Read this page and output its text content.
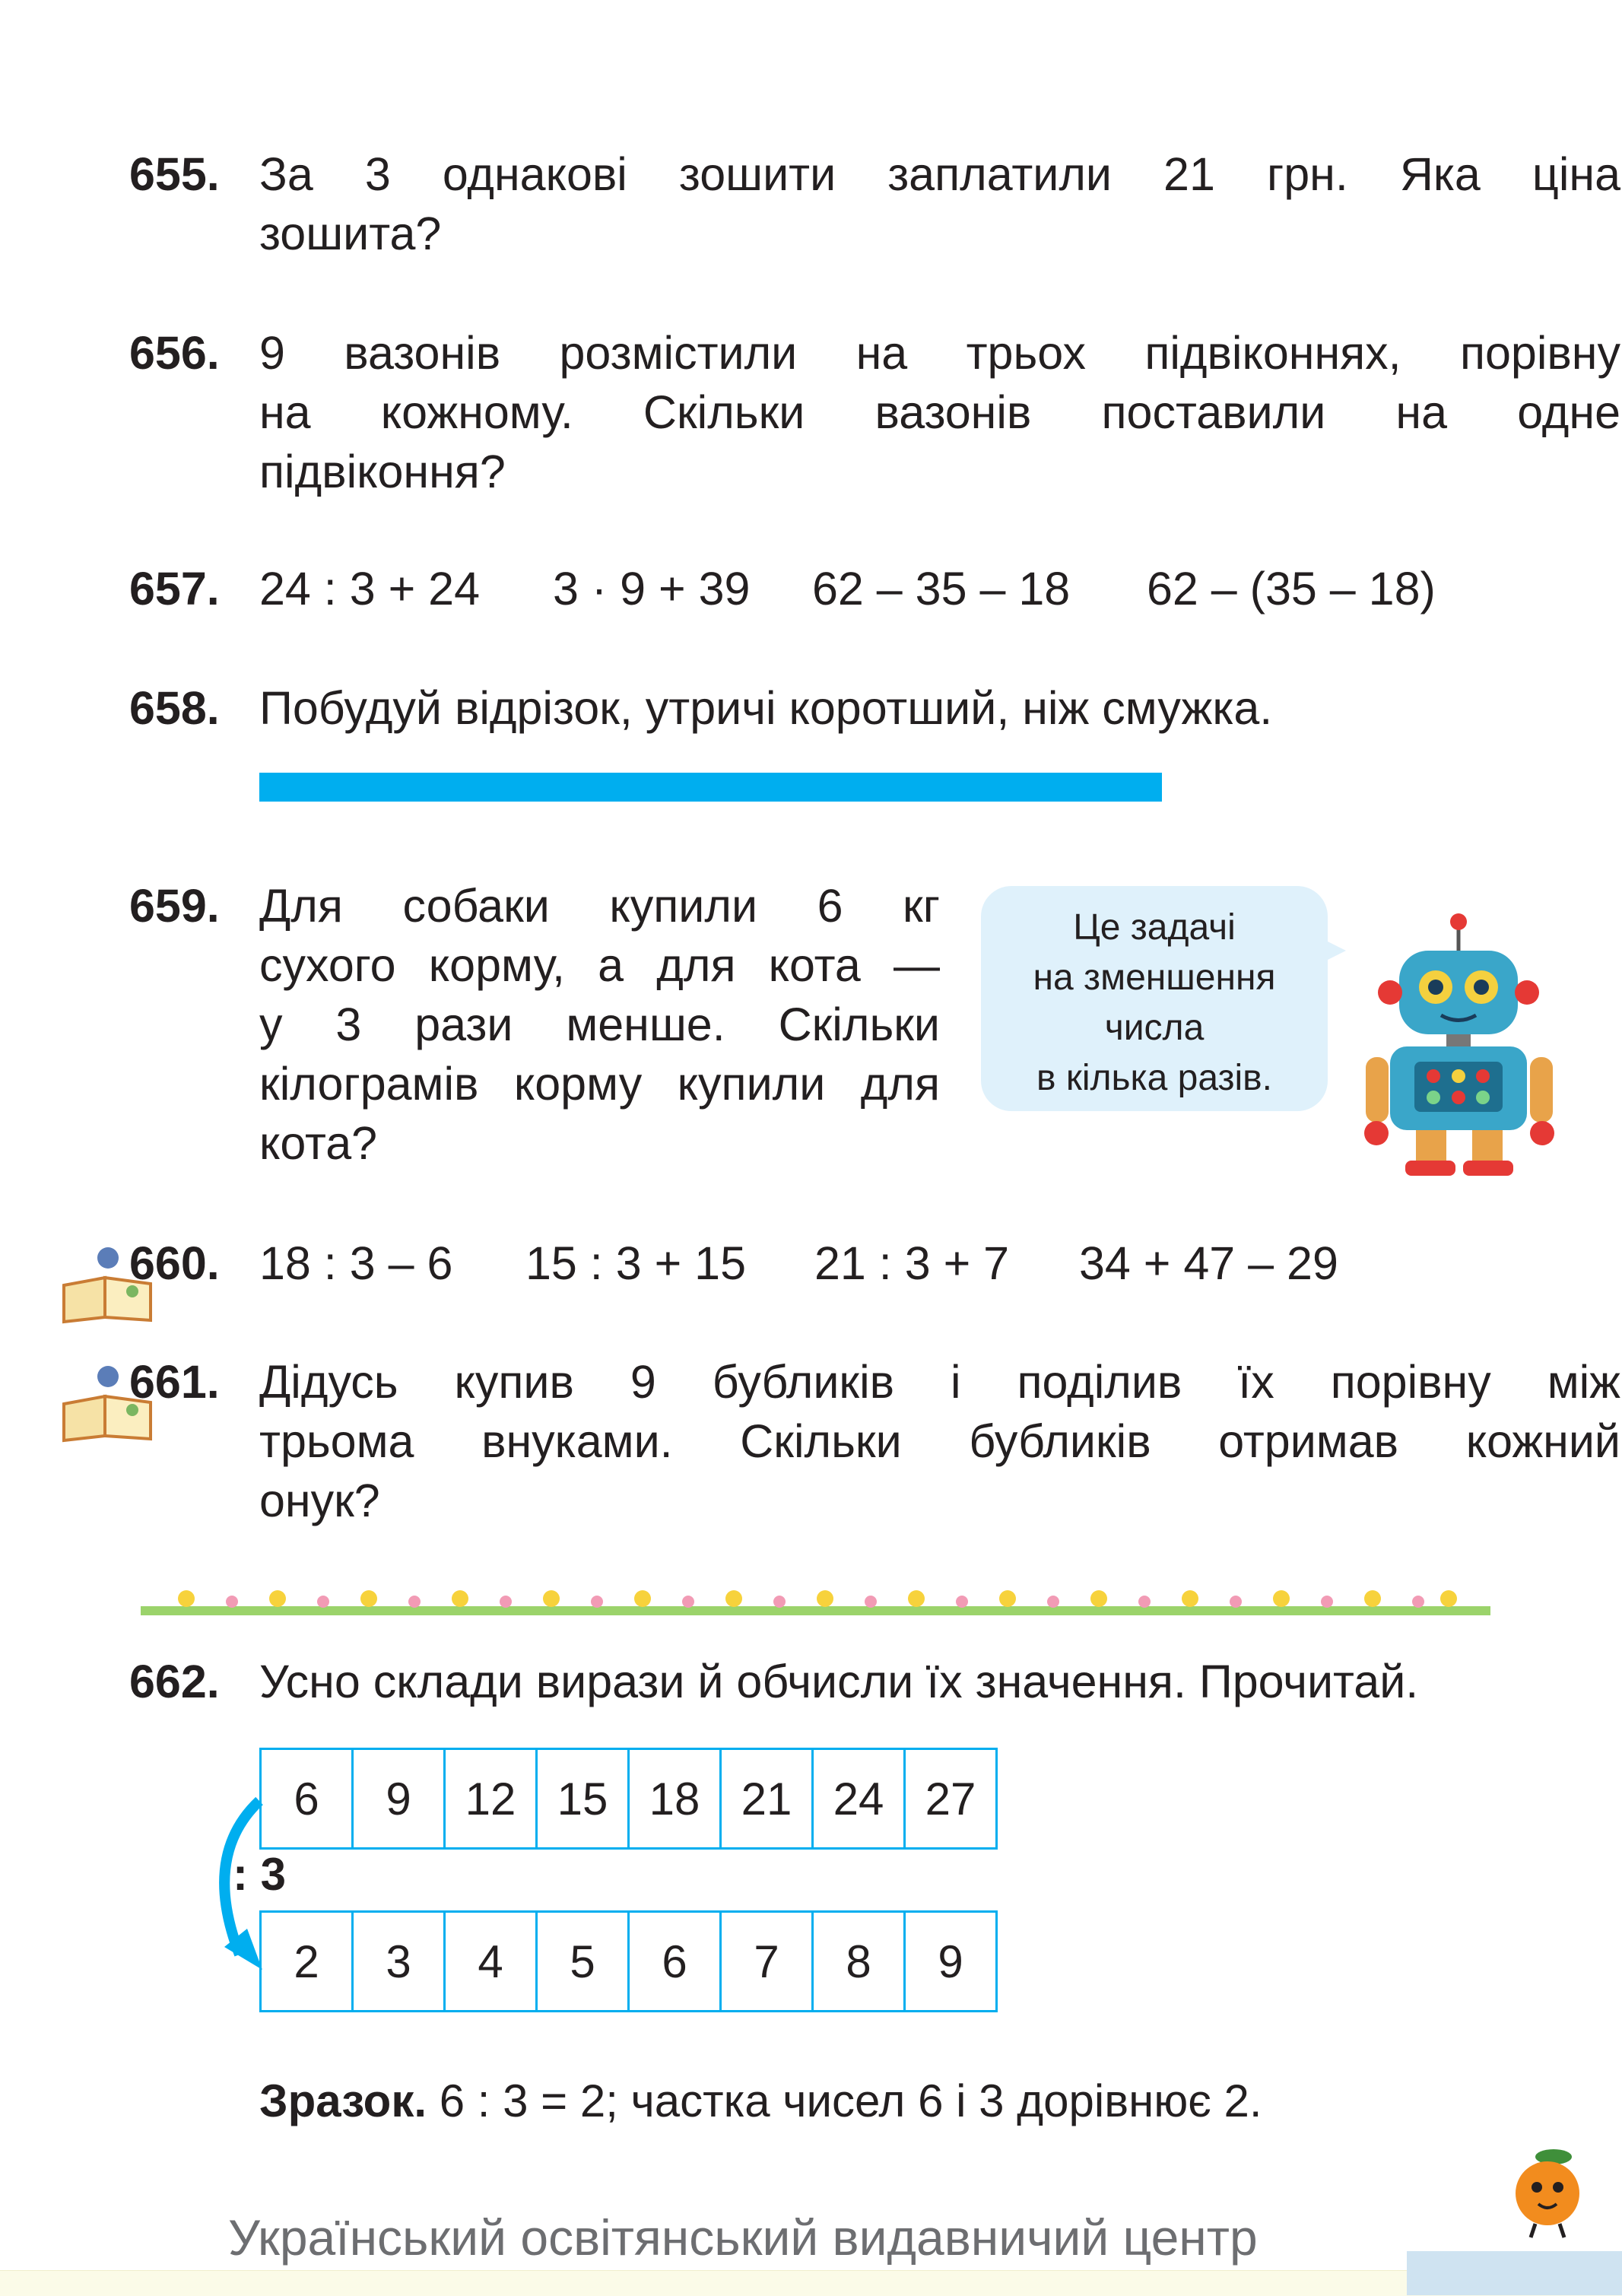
655. За 3 однакові зошити заплатили 21 грн. Яка ціна
зошита?
656. 9 вазонів розмістили на трьох підвіконнях, порівну
на кожному. Скільки вазонів поставили на одне
підвіконня?
657. 24 : 3 + 24 3 · 9 + 39 62 – 35 – 18 62 – (35 – 18)
658. Побудуй відрізок, утричі коротший, ніж смужка.
659. Для собаки купили 6 кг
сухого корму, а для кота —
у 3 рази менше. Скільки
кілограмів корму купили для
кота?
Це задачі
на зменшення
числа
в кілька разів.
660. 18 : 3 – 6 15 : 3 + 15 21 : 3 + 7 34 + 47 – 29
661. Дідусь купив 9 бубликів і поділив їх порівну між
трьома внуками. Скільки бубликів отримав кожний
онук?
662. Усно склади вирази й обчисли їх значення. Прочитай.
6	9	12	15	18	21	24	27
: 3
2	3	4	5	6	7	8	9
Зразок. 6 : 3 = 2; частка чисел 6 і 3 дорівнює 2.
Український освітянський видавничий центр
